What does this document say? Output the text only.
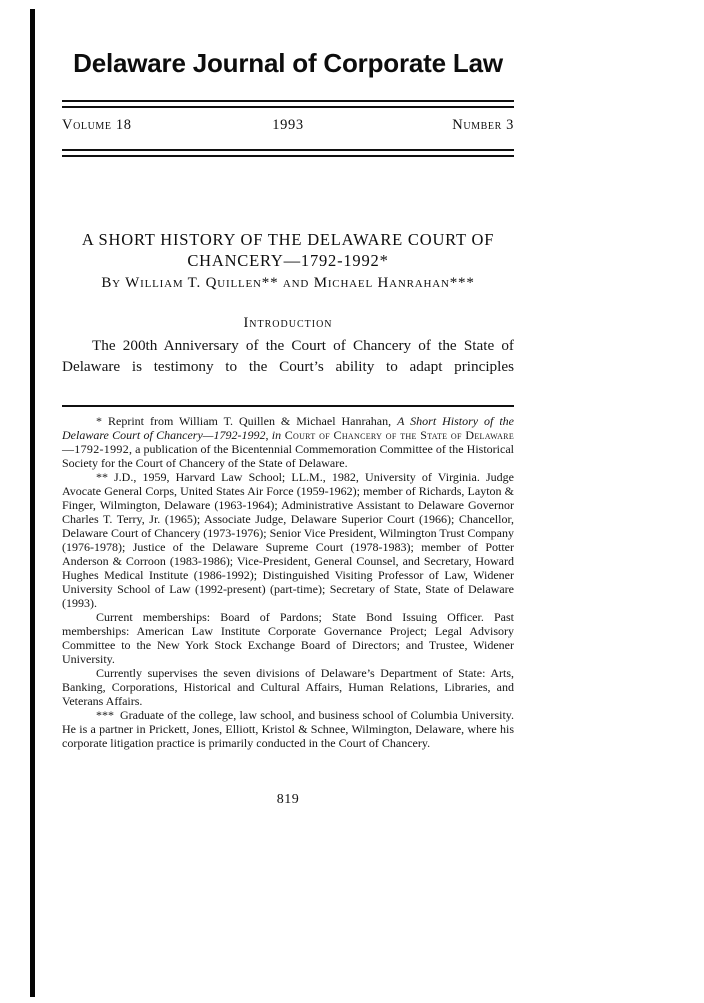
Delaware Journal of Corporate Law
Volume 18	1993	Number 3
A SHORT HISTORY OF THE DELAWARE COURT OF
CHANCERY—1792-1992*
By William T. Quillen** and Michael Hanrahan***
Introduction
The 200th Anniversary of the Court of Chancery of the State of Delaware is testimony to the Court’s ability to adapt principles

* Reprint from William T. Quillen & Michael Hanrahan, A Short History of the Delaware Court of Chancery—1792-1992, in Court of Chancery of the State of Delaware—1792-1992, a publication of the Bicentennial Commemoration Committee of the Historical Society for the Court of Chancery of the State of Delaware.

** J.D., 1959, Harvard Law School; LL.M., 1982, University of Virginia. Judge Avocate General Corps, United States Air Force (1959-1962); member of Richards, Layton & Finger, Wilmington, Delaware (1963-1964); Administrative Assistant to Delaware Governor Charles T. Terry, Jr. (1965); Associate Judge, Delaware Superior Court (1966); Chancellor, Delaware Court of Chancery (1973-1976); Senior Vice President, Wilmington Trust Company (1976-1978); Justice of the Delaware Supreme Court (1978-1983); member of Potter Anderson & Corroon (1983-1986); Vice-President, General Counsel, and Secretary, Howard Hughes Medical Institute (1986-1992); Distinguished Visiting Professor of Law, Widener University School of Law (1992-present) (part-time); Secretary of State, State of Delaware (1993).

Current memberships: Board of Pardons; State Bond Issuing Officer. Past memberships: American Law Institute Corporate Governance Project; Legal Advisory Committee to the New York Stock Exchange Board of Directors; and Trustee, Widener University.

Currently supervises the seven divisions of Delaware’s Department of State: Arts, Banking, Corporations, Historical and Cultural Affairs, Human Relations, Libraries, and Veterans Affairs.

*** Graduate of the college, law school, and business school of Columbia University. He is a partner in Prickett, Jones, Elliott, Kristol & Schnee, Wilmington, Delaware, where his corporate litigation practice is primarily conducted in the Court of Chancery.

819
